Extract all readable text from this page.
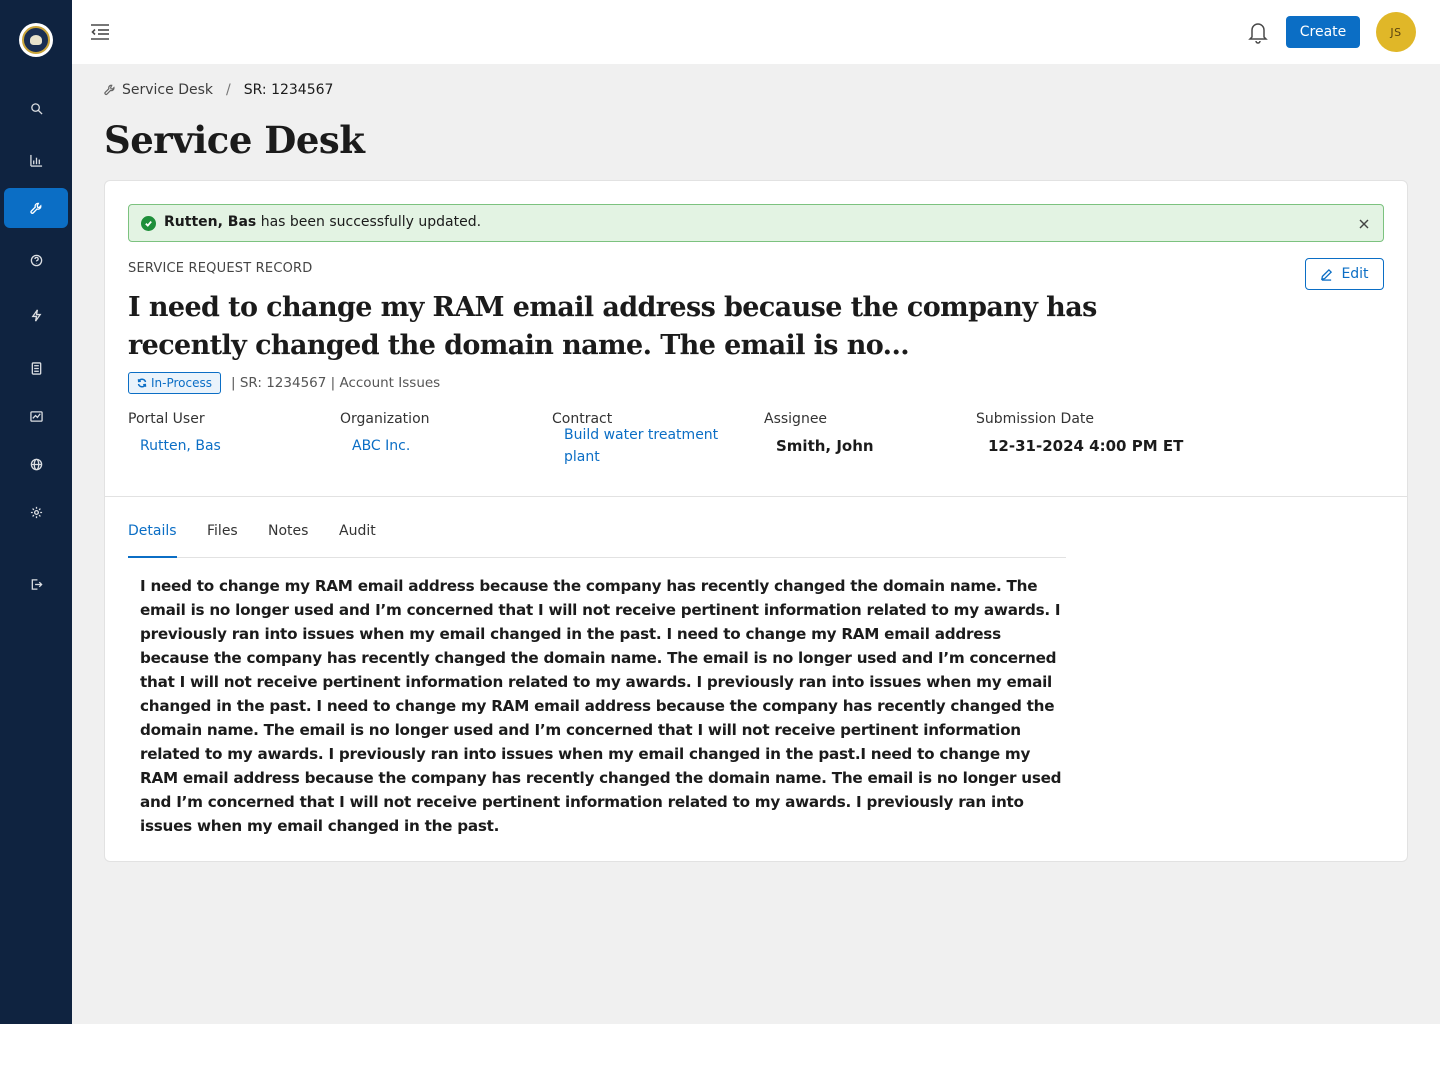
Create	JS
Service Desk / SR: 1234567
Service Desk
Rutten, Bas has been successfully updated.
SERVICE REQUEST RECORD	Edit
I need to change my RAM email address because the company has recently changed the domain name. The email is no...
In-Process | SR: 1234567 | Account Issues
Portal User
Rutten, Bas
Organization
ABC Inc.
Contract
Build water treatment plant
Assignee
Smith, John
Submission Date
12-31-2024 4:00 PM ET
Details Files Notes Audit

I need to change my RAM email address because the company has recently changed the domain name. The email is no longer used and I’m concerned that I will not receive pertinent information related to my awards. I previously ran into issues when my email changed in the past. I need to change my RAM email address because the company has recently changed the domain name. The email is no longer used and I’m concerned that I will not receive pertinent information related to my awards. I previously ran into issues when my email changed in the past. I need to change my RAM email address because the company has recently changed the domain name. The email is no longer used and I’m concerned that I will not receive pertinent information related to my awards. I previously ran into issues when my email changed in the past.I need to change my RAM email address because the company has recently changed the domain name. The email is no longer used and I’m concerned that I will not receive pertinent information related to my awards. I previously ran into issues when my email changed in the past.
